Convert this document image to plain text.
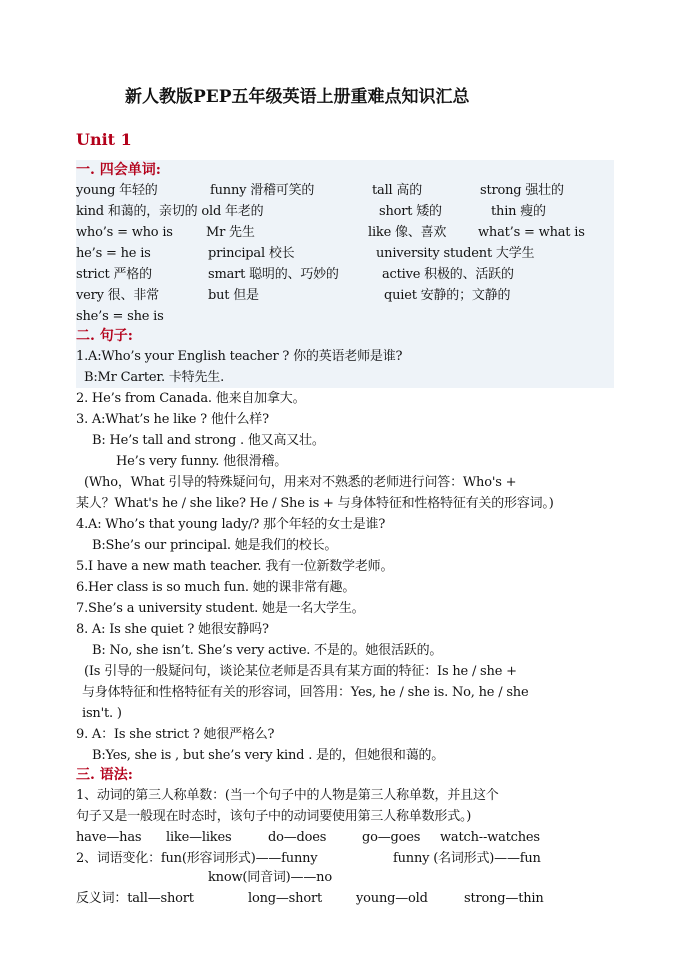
新人教版PEP五年级英语上册重难点知识汇总
Unit 1
一. 四会单词:
young 年轻的	funny 滑稽可笑的	tall 高的	strong 强壮的
kind 和蔼的，亲切的 old 年老的	short 矮的	thin 瘦的
who’s = who is	Mr 先生	like 像、喜欢 what’s = what is
he’s = he is	principal 校长	university student 大学生
strict 严格的	smart 聪明的、巧妙的	active 积极的、活跃的
very 很、非常	but 但是	quiet 安静的；文静的
she’s = she is
二. 句子:
1.A:Who’s your English teacher ? 你的英语老师是谁?
B:Mr Carter. 卡特先生.
2. He’s from Canada. 他来自加拿大。
3. A:What’s he like ? 他什么样?
B: He’s tall and strong . 他又高又壮。
He’s very funny. 他很滑稽。
(Who，What 引导的特殊疑问句，用来对不熟悉的老师进行问答：Who's +
某人？What's he / she like? He / She is + 与身体特征和性格特征有关的形容词。)
4.A: Who’s that young lady/? 那个年轻的女士是谁?
B:She’s our principal. 她是我们的校长。
5.I have a new math teacher. 我有一位新数学老师。
6.Her class is so much fun. 她的课非常有趣。
7.She’s a university student. 她是一名大学生。
8. A: Is she quiet ? 她很安静吗?
B: No, she isn’t. She’s very active. 不是的。她很活跃的。
(Is 引导的一般疑问句，谈论某位老师是否具有某方面的特征：Is he / she +
与身体特征和性格特征有关的形容词，回答用：Yes, he / she is. No, he / she
isn't. )
9. A：Is she strict ? 她很严格么?
B:Yes, she is , but she’s very kind . 是的，但她很和蔼的。
三. 语法:
1、动词的第三人称单数：(当一个句子中的人物是第三人称单数，并且这个
句子又是一般现在时态时，该句子中的动词要使用第三人称单数形式。)
have—has like—likes	do—does	go—goes watch--watches
2、词语变化：fun(形容词形式)——funny	funny (名词形式)——fun
know(同音词)——no
反义词：tall—short	long—short	young—old	strong—thin
